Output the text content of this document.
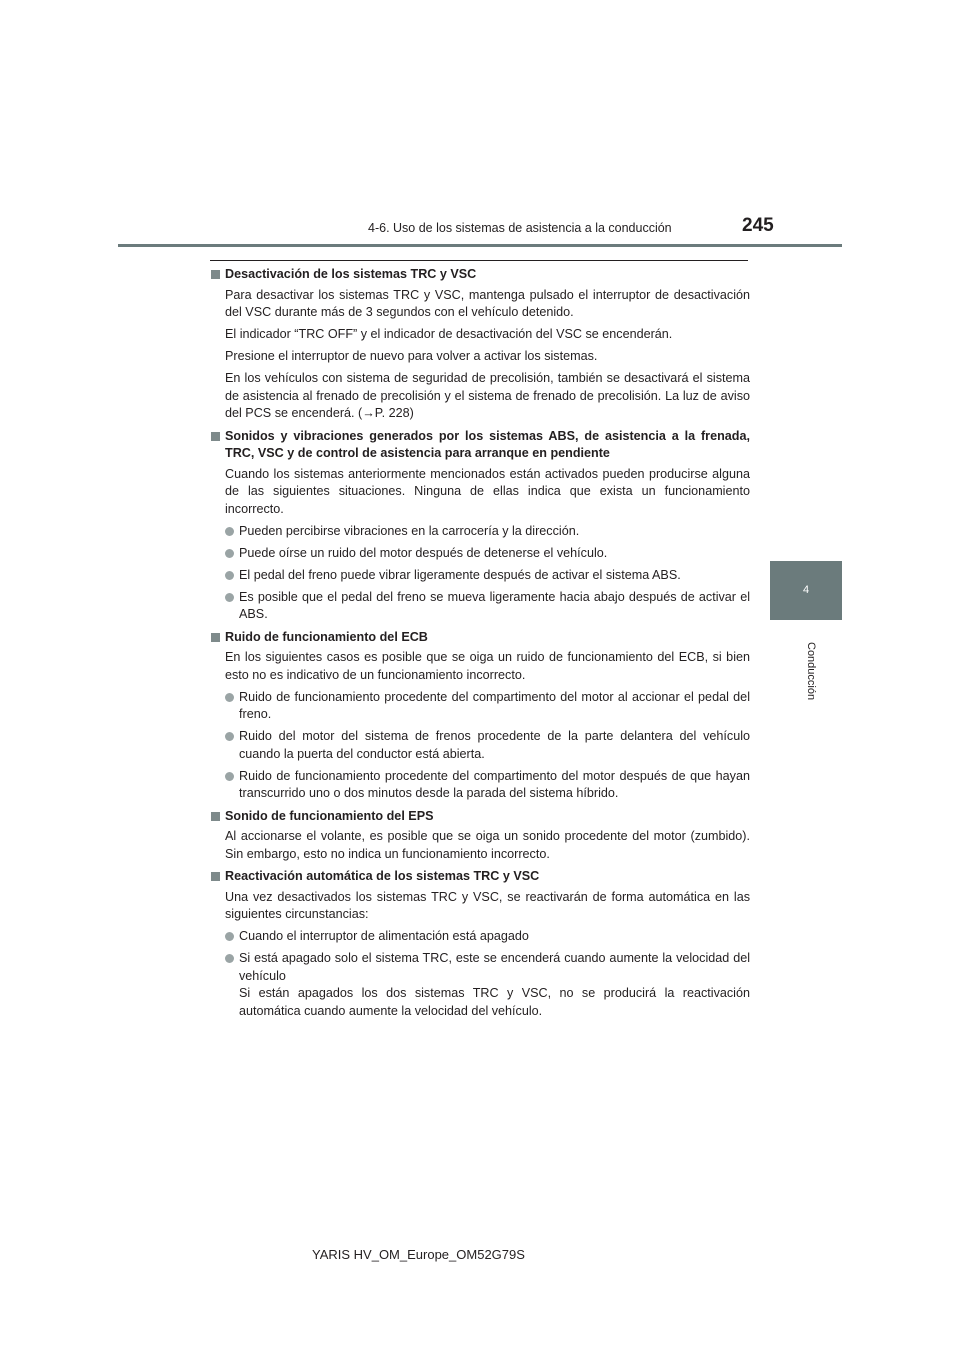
4-6. Uso de los sistemas de asistencia a la conducción	245
4
Conducción
Desactivación de los sistemas TRC y VSC
Para desactivar los sistemas TRC y VSC, mantenga pulsado el interruptor de desactivación del VSC durante más de 3 segundos con el vehículo detenido.
El indicador “TRC OFF” y el indicador de desactivación del VSC se encenderán.
Presione el interruptor de nuevo para volver a activar los sistemas.
En los vehículos con sistema de seguridad de precolisión, también se desactivará el sistema de asistencia al frenado de precolisión y el sistema de frenado de precolisión. La luz de aviso del PCS se encenderá. (→P. 228)
Sonidos y vibraciones generados por los sistemas ABS, de asistencia a la frenada, TRC, VSC y de control de asistencia para arranque en pendiente
Cuando los sistemas anteriormente mencionados están activados pueden producirse alguna de las siguientes situaciones. Ninguna de ellas indica que exista un funcionamiento incorrecto.
Pueden percibirse vibraciones en la carrocería y la dirección.
Puede oírse un ruido del motor después de detenerse el vehículo.
El pedal del freno puede vibrar ligeramente después de activar el sistema ABS.
Es posible que el pedal del freno se mueva ligeramente hacia abajo después de activar el ABS.
Ruido de funcionamiento del ECB
En los siguientes casos es posible que se oiga un ruido de funcionamiento del ECB, si bien esto no es indicativo de un funcionamiento incorrecto.
Ruido de funcionamiento procedente del compartimento del motor al accionar el pedal del freno.
Ruido del motor del sistema de frenos procedente de la parte delantera del vehículo cuando la puerta del conductor está abierta.
Ruido de funcionamiento procedente del compartimento del motor después de que hayan transcurrido uno o dos minutos desde la parada del sistema híbrido.
Sonido de funcionamiento del EPS
Al accionarse el volante, es posible que se oiga un sonido procedente del motor (zumbido). Sin embargo, esto no indica un funcionamiento incorrecto.
Reactivación automática de los sistemas TRC y VSC
Una vez desactivados los sistemas TRC y VSC, se reactivarán de forma automática en las siguientes circunstancias:
Cuando el interruptor de alimentación está apagado
Si está apagado solo el sistema TRC, este se encenderá cuando aumente la velocidad del vehículo
Si están apagados los dos sistemas TRC y VSC, no se producirá la reactivación automática cuando aumente la velocidad del vehículo.
YARIS HV_OM_Europe_OM52G79S
